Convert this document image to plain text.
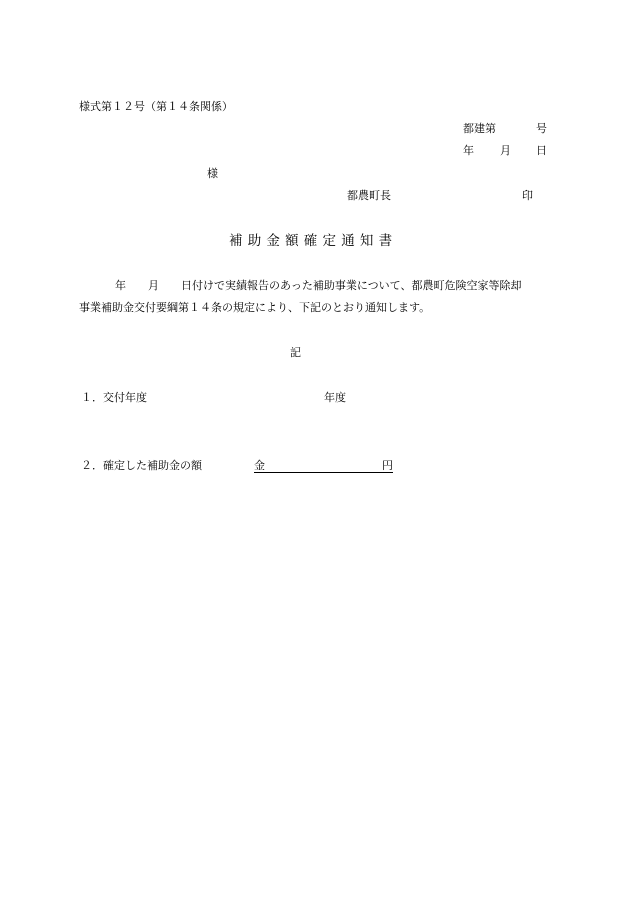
様式第１２号（第１４条関係）
都建第	号
年 月 日
様
都農町長	印
補助金額確定通知書
年 月 日付けで実績報告のあった補助事業について、都農町危険空家等除却
事業補助金交付要綱第１４条の規定により、下記のとおり通知します。
記
１．交付年度	年度
２．確定した補助金の額	金	円
